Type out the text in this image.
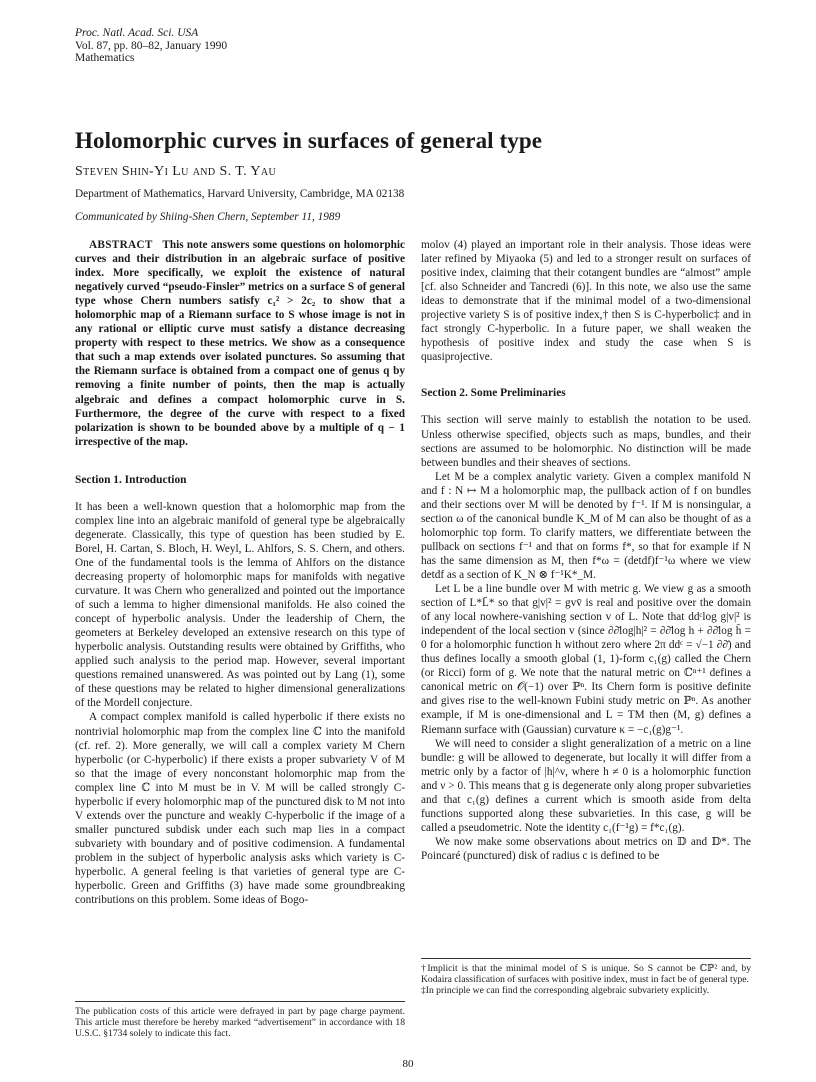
Proc. Natl. Acad. Sci. USA
Vol. 87, pp. 80–82, January 1990
Mathematics
Holomorphic curves in surfaces of general type
Steven Shin-Yi Lu and S. T. Yau
Department of Mathematics, Harvard University, Cambridge, MA 02138
Communicated by Shiing-Shen Chern, September 11, 1989

ABSTRACT This note answers some questions on holomorphic curves and their distribution in an algebraic surface of positive index. More specifically, we exploit the existence of natural negatively curved “pseudo-Finsler” metrics on a surface S of general type whose Chern numbers satisfy c₁² > 2c₂ to show that a holomorphic map of a Riemann surface to S whose image is not in any rational or elliptic curve must satisfy a distance decreasing property with respect to these metrics. We show as a consequence that such a map extends over isolated punctures. So assuming that the Riemann surface is obtained from a compact one of genus q by removing a finite number of points, then the map is actually algebraic and defines a compact holomorphic curve in S. Furthermore, the degree of the curve with respect to a fixed polarization is shown to be bounded above by a multiple of q − 1 irrespective of the map.

Section 1. Introduction

It has been a well-known question that a holomorphic map from the complex line into an algebraic manifold of general type be algebraically degenerate. Classically, this type of question has been studied by E. Borel, H. Cartan, S. Bloch, H. Weyl, L. Ahlfors, S. S. Chern, and others. One of the fundamental tools is the lemma of Ahlfors on the distance decreasing property of holomorphic maps for manifolds with negative curvature. It was Chern who generalized and pointed out the importance of such a lemma to higher dimensional manifolds. He also coined the concept of hyperbolic analysis. Under the leadership of Chern, the geometers at Berkeley developed an extensive research on this type of hyperbolic analysis. Outstanding results were obtained by Griffiths, who applied such analysis to the period map. However, several important questions remained unanswered. As was pointed out by Lang (1), some of these questions may be related to higher dimensional generalizations of the Mordell conjecture.

A compact complex manifold is called hyperbolic if there exists no nontrivial holomorphic map from the complex line ℂ into the manifold (cf. ref. 2). More generally, we will call a complex variety M Chern hyperbolic (or C-hyperbolic) if there exists a proper subvariety V of M so that the image of every nonconstant holomorphic map from the complex line ℂ into M must be in V. M will be called strongly C-hyperbolic if every holomorphic map of the punctured disk to M not into V extends over the puncture and weakly C-hyperbolic if the image of a smaller punctured subdisk under each such map lies in a compact subvariety with boundary and of positive codimension. A fundamental problem in the subject of hyperbolic analysis asks which variety is C-hyperbolic. A general feeling is that varieties of general type are C-hyperbolic. Green and Griffiths (3) have made some groundbreaking contributions on this problem. Some ideas of Bogo-

molov (4) played an important role in their analysis. Those ideas were later refined by Miyaoka (5) and led to a stronger result on surfaces of positive index, claiming that their cotangent bundles are “almost” ample [cf. also Schneider and Tancredi (6)]. In this note, we also use the same ideas to demonstrate that if the minimal model of a two-dimensional projective variety S is of positive index,† then S is C-hyperbolic‡ and in fact strongly C-hyperbolic. In a future paper, we shall weaken the hypothesis of positive index and study the case when S is quasiprojective.

Section 2. Some Preliminaries

This section will serve mainly to establish the notation to be used. Unless otherwise specified, objects such as maps, bundles, and their sections are assumed to be holomorphic. No distinction will be made between bundles and their sheaves of sections.

Let M be a complex analytic variety. Given a complex manifold N and f : N ↦ M a holomorphic map, the pullback action of f on bundles and their sections over M will be denoted by f⁻¹. If M is nonsingular, a section ω of the canonical bundle K_M of M can also be thought of as a holomorphic top form. To clarify matters, we differentiate between the pullback on sections f⁻¹ and that on forms f*, so that for example if N has the same dimension as M, then f*ω = (detdf)f⁻¹ω where we view detdf as a section of K_N ⊗ f⁻¹K*_M.

Let L be a line bundle over M with metric g. We view g as a smooth section of L*L̄* so that g|v|² = gvv̄ is real and positive over the domain of any local nowhere-vanishing section v of L. Note that ddᶜlog g|v|² is independent of the local section v (since ∂∂̄log|h|² = ∂∂̄log h + ∂∂̄log h̄ = 0 for a holomorphic function h without zero where 2π ddᶜ = √−1 ∂∂̄) and thus defines locally a smooth global (1, 1)-form c₁(g) called the Chern (or Ricci) form of g. We note that the natural metric on ℂⁿ⁺¹ defines a canonical metric on 𝒪(−1) over ℙⁿ. Its Chern form is positive definite and gives rise to the well-known Fubini study metric on ℙⁿ. As another example, if M is one-dimensional and L = TM then (M, g) defines a Riemann surface with (Gaussian) curvature κ = −c₁(g)g⁻¹.

We will need to consider a slight generalization of a metric on a line bundle: g will be allowed to degenerate, but locally it will differ from a metric only by a factor of |h|^ν, where h ≠ 0 is a holomorphic function and ν > 0. This means that g is degenerate only along proper subvarieties and that c₁(g) defines a current which is smooth aside from delta functions supported along these subvarieties. In this case, g will be called a pseudometric. Note the identity c₁(f⁻¹g) = f*c₁(g).

We now make some observations about metrics on 𝔻 and 𝔻*. The Poincaré (punctured) disk of radius c is defined to be

The publication costs of this article were defrayed in part by page charge payment. This article must therefore be hereby marked “advertisement” in accordance with 18 U.S.C. §1734 solely to indicate this fact.

†Implicit is that the minimal model of S is unique. So S cannot be ℂℙ² and, by Kodaira classification of surfaces with positive index, must in fact be of general type.

‡In principle we can find the corresponding algebraic subvariety explicitly.

80
